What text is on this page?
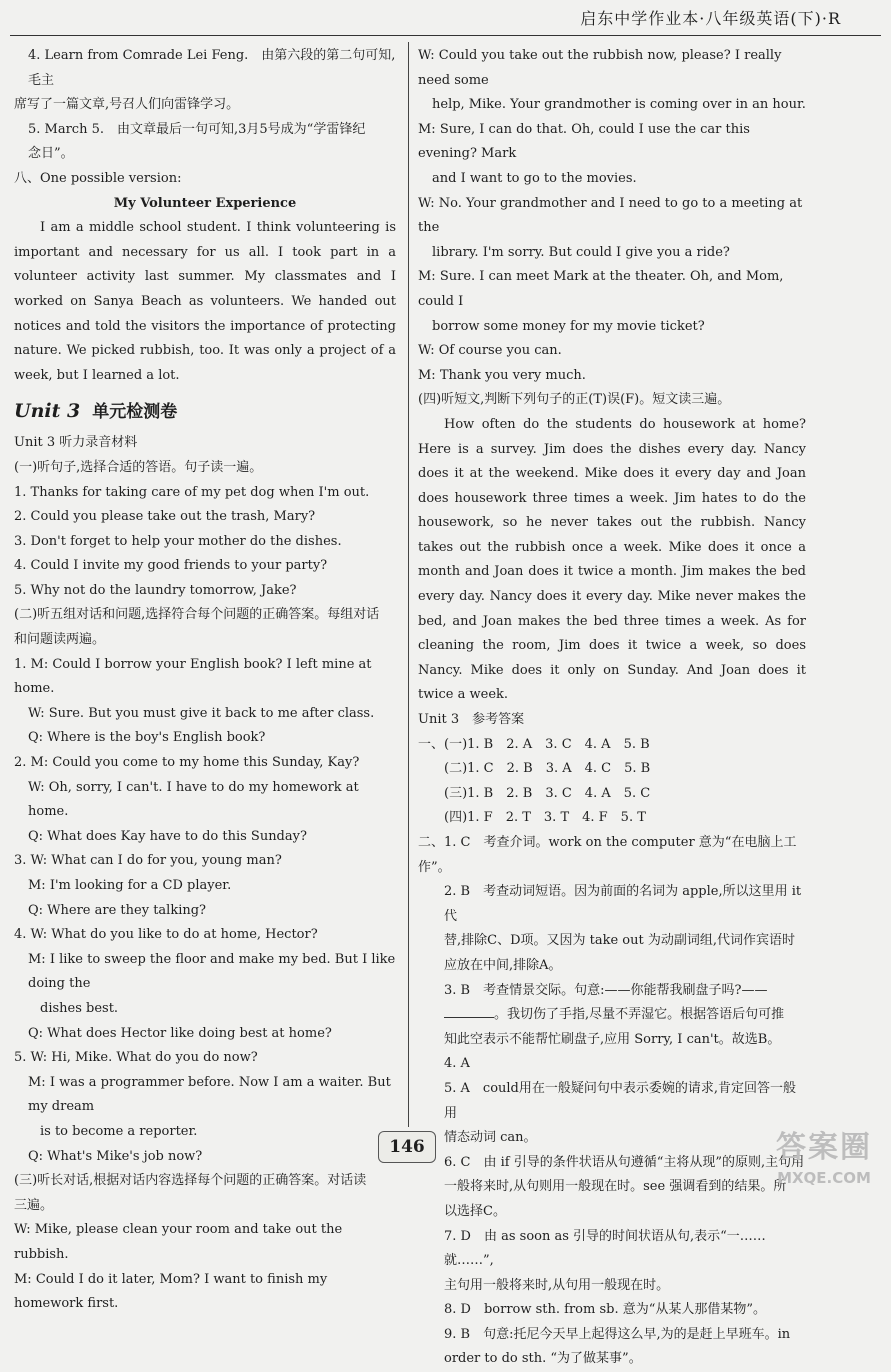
启东中学作业本·八年级英语(下)·R

4. Learn from Comrade Lei Feng.　由第六段的第二句可知,毛主

席写了一篇文章,号召人们向雷锋学习。

5. March 5.　由文章最后一句可知,3月5号成为“学雷锋纪

念日”。

八、One possible version:

My Volunteer Experience

I am a middle school student. I think volunteering is important and necessary for us all. I took part in a volunteer activity last summer. My classmates and I worked on Sanya Beach as volunteers. We handed out notices and told the visitors the importance of protecting nature. We picked rubbish, too. It was only a project of a week, but I learned a lot.

Unit 3 单元检测卷

Unit 3 听力录音材料

(一)听句子,选择合适的答语。句子读一遍。

1. Thanks for taking care of my pet dog when I'm out.

2. Could you please take out the trash, Mary?

3. Don't forget to help your mother do the dishes.

4. Could I invite my good friends to your party?

5. Why not do the laundry tomorrow, Jake?

(二)听五组对话和问题,选择符合每个问题的正确答案。每组对话

和问题读两遍。

1. M: Could I borrow your English book? I left mine at home.

W: Sure. But you must give it back to me after class.

Q: Where is the boy's English book?

2. M: Could you come to my home this Sunday, Kay?

W: Oh, sorry, I can't. I have to do my homework at home.

Q: What does Kay have to do this Sunday?

3. W: What can I do for you, young man?

M: I'm looking for a CD player.

Q: Where are they talking?

4. W: What do you like to do at home, Hector?

M: I like to sweep the floor and make my bed. But I like doing the

dishes best.

Q: What does Hector like doing best at home?

5. W: Hi, Mike. What do you do now?

M: I was a programmer before. Now I am a waiter. But my dream

is to become a reporter.

Q: What's Mike's job now?

(三)听长对话,根据对话内容选择每个问题的正确答案。对话读

三遍。

W: Mike, please clean your room and take out the rubbish.

M: Could I do it later, Mom? I want to finish my homework first.

W: Could you take out the rubbish now, please? I really need some

help, Mike. Your grandmother is coming over in an hour.

M: Sure, I can do that. Oh, could I use the car this evening? Mark

and I want to go to the movies.

W: No. Your grandmother and I need to go to a meeting at the

library. I'm sorry. But could I give you a ride?

M: Sure. I can meet Mark at the theater. Oh, and Mom, could I

borrow some money for my movie ticket?

W: Of course you can.

M: Thank you very much.

(四)听短文,判断下列句子的正(T)误(F)。短文读三遍。

How often do the students do housework at home? Here is a survey. Jim does the dishes every day. Nancy does it at the weekend. Mike does it every day and Joan does housework three times a week. Jim hates to do the housework, so he never takes out the rubbish. Nancy takes out the rubbish once a week. Mike does it once a month and Joan does it twice a month. Jim makes the bed every day. Nancy does it every day. Mike never makes the bed, and Joan makes the bed three times a week. As for cleaning the room, Jim does it twice a week, so does Nancy. Mike does it only on Sunday. And Joan does it twice a week.

Unit 3　参考答案

一、(一)1. B　2. A　3. C　4. A　5. B

(二)1. C　2. B　3. A　4. C　5. B

(三)1. B　2. B　3. C　4. A　5. C

(四)1. F　2. T　3. T　4. F　5. T

二、1. C　考查介词。work on the computer 意为“在电脑上工作”。

2. B　考查动词短语。因为前面的名词为 apple,所以这里用 it 代

替,排除C、D项。又因为 take out 为动副词组,代词作宾语时

应放在中间,排除A。

3. B　考查情景交际。句意:——你能帮我刷盘子吗?——

。我切伤了手指,尽量不弄湿它。根据答语后句可推

知此空表示不能帮忙刷盘子,应用 Sorry, I can't。故选B。

4. A

5. A　could用在一般疑问句中表示委婉的请求,肯定回答一般用

情态动词 can。

6. C　由 if 引导的条件状语从句遵循“主将从现”的原则,主句用

一般将来时,从句则用一般现在时。see 强调看到的结果。所

以选择C。

7. D　由 as soon as 引导的时间状语从句,表示“一……就……”,

主句用一般将来时,从句用一般现在时。

8. D　borrow sth. from sb. 意为“从某人那借某物”。

9. B　句意:托尼今天早上起得这么早,为的是赶上早班车。in

order to do sth. “为了做某事”。

146	答案圈
MXQE.COM
